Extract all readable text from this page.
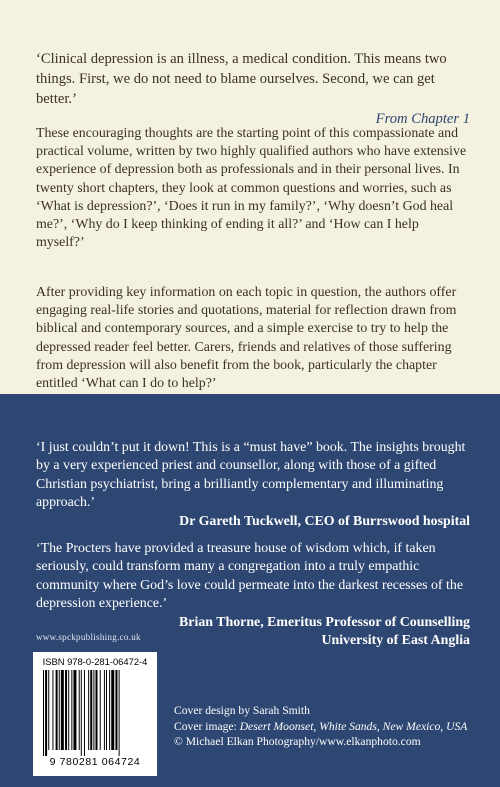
‘Clinical depression is an illness, a medical condition. This means two things. First, we do not need to blame ourselves. Second, we can get better.’
From Chapter 1

These encouraging thoughts are the starting point of this compassionate and practical volume, written by two highly qualified authors who have extensive experience of depression both as professionals and in their personal lives. In twenty short chapters, they look at common questions and worries, such as ‘What is depression?’, ‘Does it run in my family?’, ‘Why doesn’t God heal me?’, ‘Why do I keep thinking of ending it all?’ and ‘How can I help myself?’

After providing key information on each topic in question, the authors offer engaging real-life stories and quotations, material for reflection drawn from biblical and contemporary sources, and a simple exercise to try to help the depressed reader feel better. Carers, friends and relatives of those suffering from depression will also benefit from the book, particularly the chapter entitled ‘What can I do to help?’

‘I just couldn’t put it down! This is a “must have” book. The insights brought by a very experienced priest and counsellor, along with those of a gifted Christian psychiatrist, bring a brilliantly complementary and illuminating approach.’
Dr Gareth Tuckwell, CEO of Burrswood hospital

‘The Procters have provided a treasure house of wisdom which, if taken seriously, could transform many a congregation into a truly empathic community where God’s love could permeate into the darkest recesses of the depression experience.’
Brian Thorne, Emeritus Professor of Counselling
University of East Anglia

www.spckpublishing.co.uk
ISBN 978-0-281-06472-4
9 780281 064724
Cover design by Sarah Smith
Cover image: Desert Moonset, White Sands, New Mexico, USA
© Michael Elkan Photography/www.elkanphoto.com
